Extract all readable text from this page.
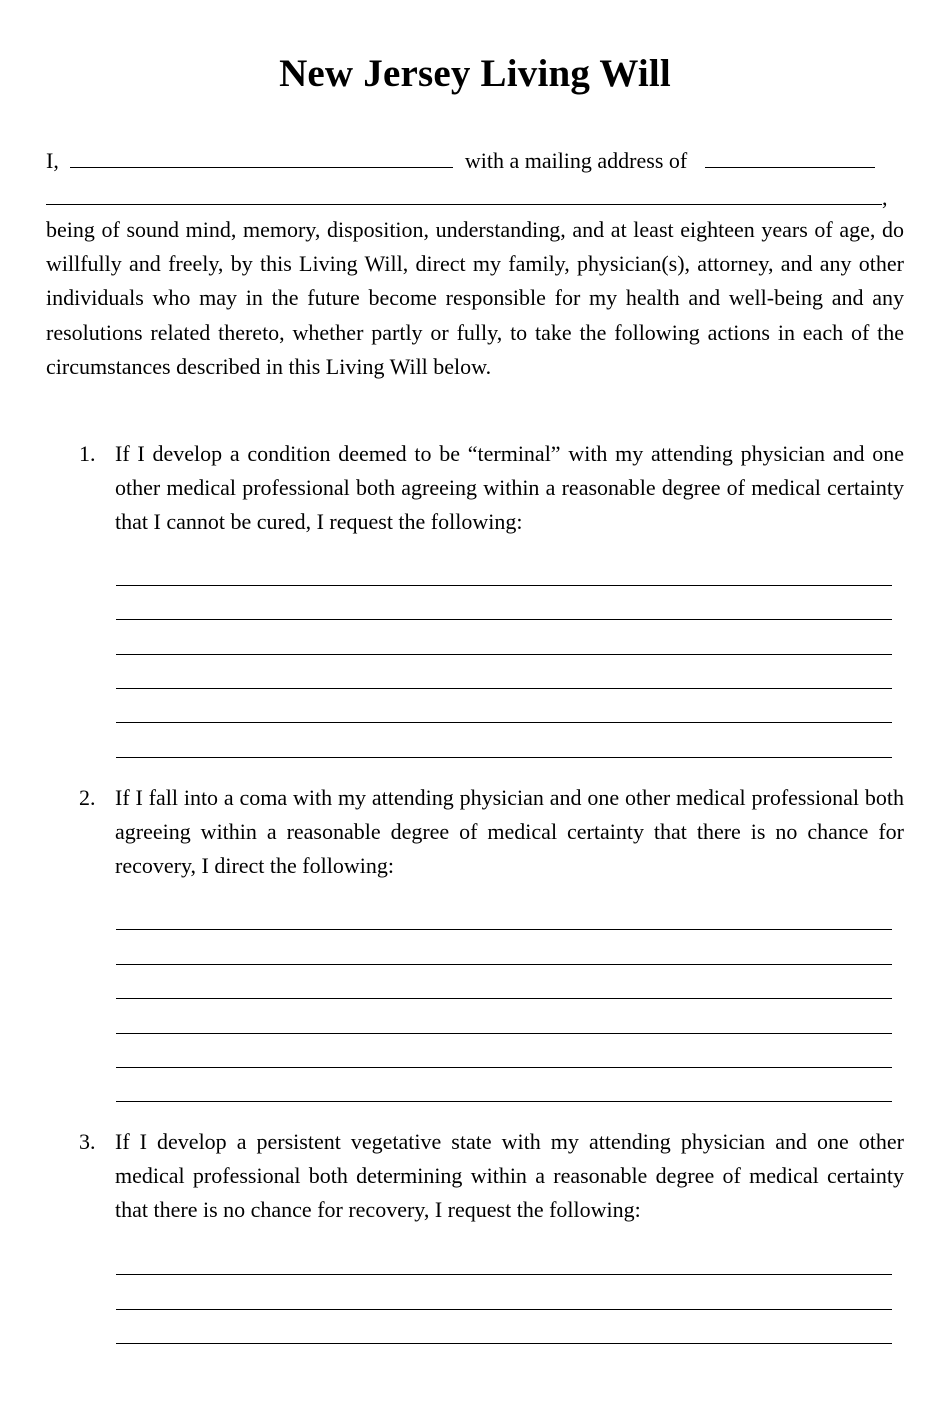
New Jersey Living Will
I,	with a mailing address of
,
being of sound mind, memory, disposition, understanding, and at least eighteen years of age, do willfully and freely, by this Living Will, direct my family, physician(s), attorney, and any other individuals who may in the future become responsible for my health and well-being and any resolutions related thereto, whether partly or fully, to take the following actions in each of the circumstances described in this Living Will below.
1. If I develop a condition deemed to be “terminal” with my attending physician and one other medical professional both agreeing within a reasonable degree of medical certainty that I cannot be cured, I request the following:
2. If I fall into a coma with my attending physician and one other medical professional both agreeing within a reasonable degree of medical certainty that there is no chance for recovery, I direct the following:
3. If I develop a persistent vegetative state with my attending physician and one other medical professional both determining within a reasonable degree of medical certainty that there is no chance for recovery, I request the following:
